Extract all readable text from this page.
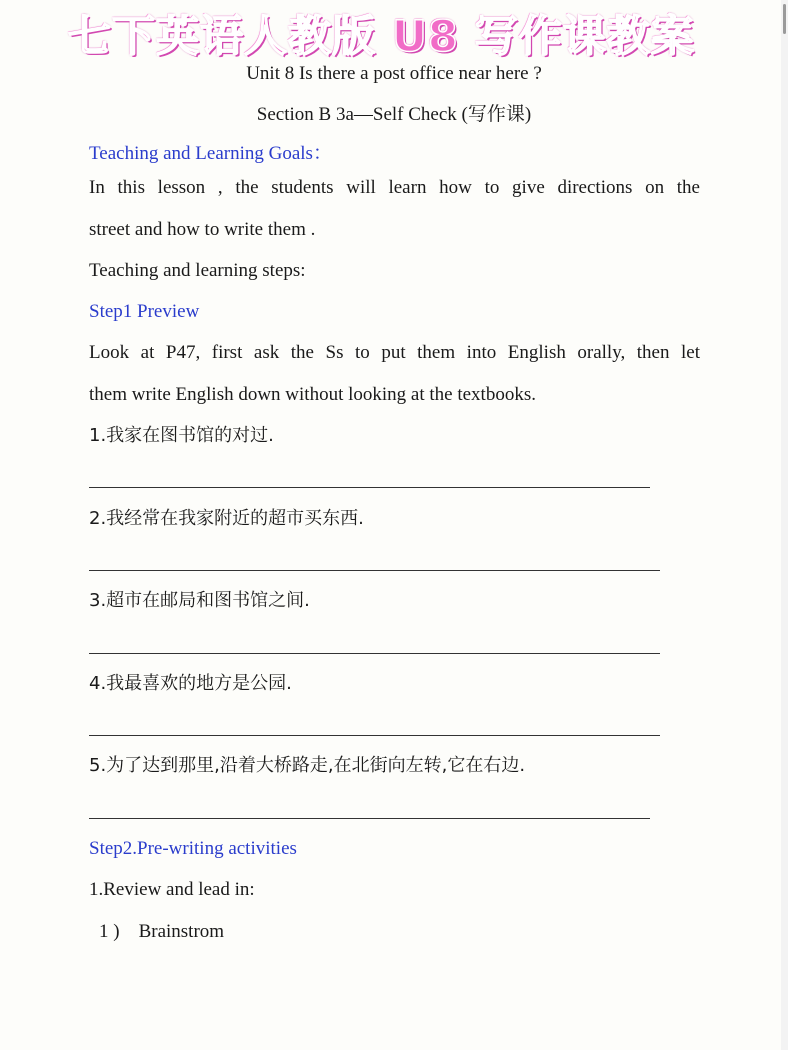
七下英语人教版 U8 写作课教案

Unit 8 Is there a post office near here ?

Section B 3a—Self Check (写作课)

Teaching and Learning Goals：

In this lesson , the students will learn how to give directions on the

street and how to write them .

Teaching and learning steps:

Step1 Preview

Look at P47, first ask the Ss to put them into English orally, then let

them write English down without looking at the textbooks.

1.我家在图书馆的对过.

2.我经常在我家附近的超市买东西.

3.超市在邮局和图书馆之间.

4.我最喜欢的地方是公园.

5.为了达到那里,沿着大桥路走,在北街向左转,它在右边.

Step2.Pre-writing activities

1.Review and lead in:

1 )    Brainstrom
